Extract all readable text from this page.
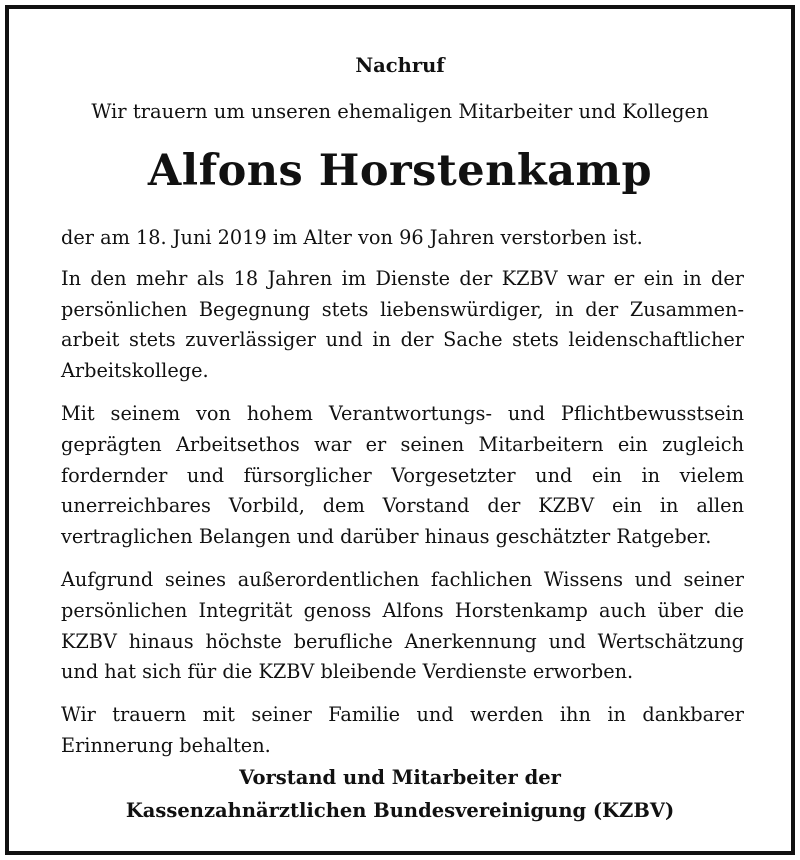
Nachruf

Wir trauern um unseren ehemaligen Mitarbeiter und Kollegen

Alfons Horstenkamp

der am 18. Juni 2019 im Alter von 96 Jahren verstorben ist.

In den mehr als 18 Jahren im Dienste der KZBV war er ein in der persönlichen Begegnung stets liebenswürdiger, in der Zusammenarbeit stets zuverlässiger und in der Sache stets leidenschaftlicher Arbeitskollege.

Mit seinem von hohem Verantwortungs- und Pflichtbewusstsein geprägten Arbeitsethos war er seinen Mitarbeitern ein zugleich fordernder und fürsorglicher Vorgesetzter und ein in vielem unerreichbares Vorbild, dem Vorstand der KZBV ein in allen vertraglichen Belangen und darüber hinaus geschätzter Ratgeber.

Aufgrund seines außerordentlichen fachlichen Wissens und seiner persönlichen Integrität genoss Alfons Horstenkamp auch über die KZBV hinaus höchste berufliche Anerkennung und Wertschätzung und hat sich für die KZBV bleibende Verdienste erworben.

Wir trauern mit seiner Familie und werden ihn in dankbarer Erinnerung behalten.

Vorstand und Mitarbeiter der
Kassenzahnärztlichen Bundesvereinigung (KZBV)
